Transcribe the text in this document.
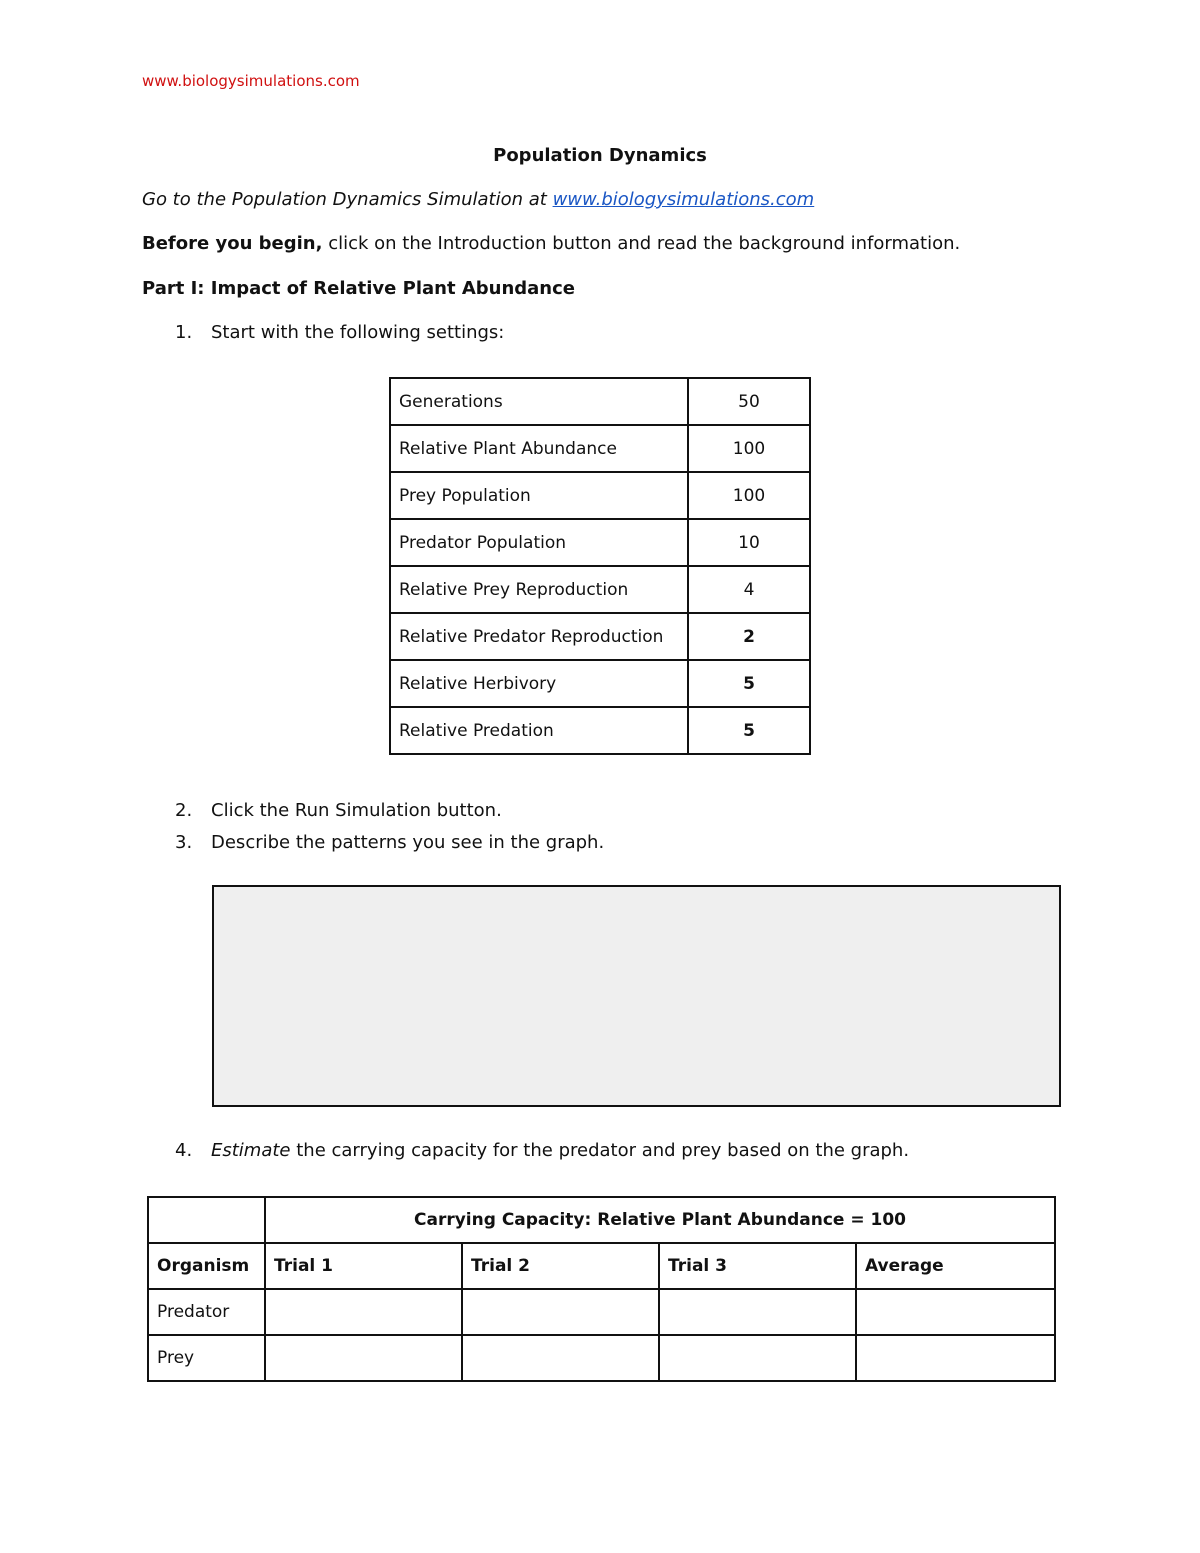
www.biologysimulations.com
Population Dynamics
Go to the Population Dynamics Simulation at www.biologysimulations.com
Before you begin, click on the Introduction button and read the background information.
Part I: Impact of Relative Plant Abundance
1. Start with the following settings:
Generations	50
Relative Plant Abundance	100
Prey Population	100
Predator Population	10
Relative Prey Reproduction	4
Relative Predator Reproduction	2
Relative Herbivory	5
Relative Predation	5
2. Click the Run Simulation button.
3. Describe the patterns you see in the graph.
4. Estimate the carrying capacity for the predator and prey based on the graph.
	Carrying Capacity: Relative Plant Abundance = 100			
Organism	Trial 1	Trial 2	Trial 3	Average
Predator				
Prey				
